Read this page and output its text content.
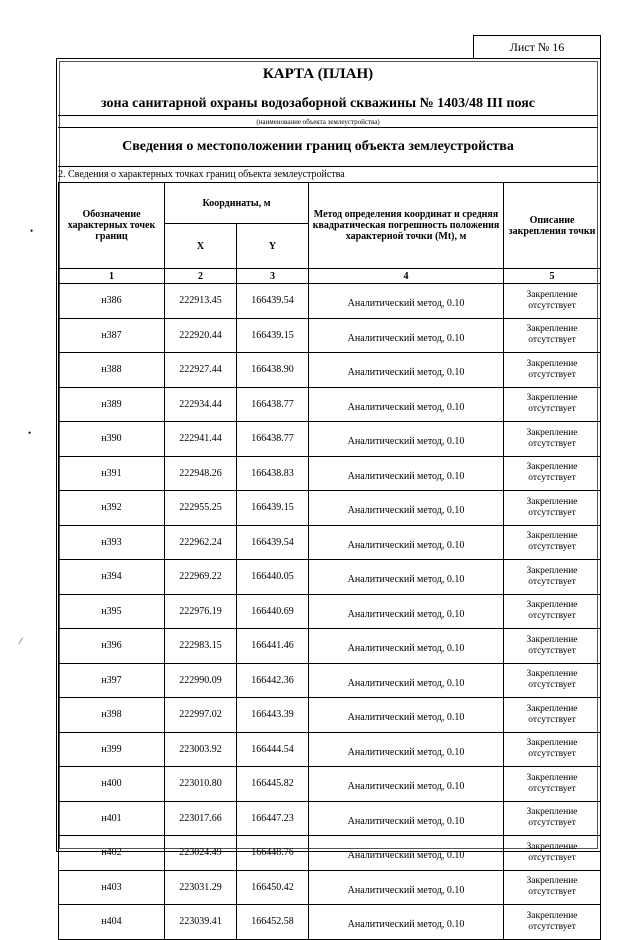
Лист № 16
КАРТА (ПЛАН)
зона санитарной охраны водозаборной скважины № 1403/48 III пояс
(наименование объекта землеустройства)
Сведения о местоположении границ объекта землеустройства
2. Сведения о характерных точках границ объекта землеустройства
Обозначение характерных точек границ	Координаты, м		Метод определения координат и средняя квадратическая погрешность положения характерной точки (Mt), м	Описание закрепления точки
	X	Y		
1	2	3	4	5
н386	222913.45	166439.54	Аналитический метод, 0.10	Закрепление отсутствует
н387	222920.44	166439.15	Аналитический метод, 0.10	Закрепление отсутствует
н388	222927.44	166438.90	Аналитический метод, 0.10	Закрепление отсутствует
н389	222934.44	166438.77	Аналитический метод, 0.10	Закрепление отсутствует
н390	222941.44	166438.77	Аналитический метод, 0.10	Закрепление отсутствует
н391	222948.26	166438.83	Аналитический метод, 0.10	Закрепление отсутствует
н392	222955.25	166439.15	Аналитический метод, 0.10	Закрепление отсутствует
н393	222962.24	166439.54	Аналитический метод, 0.10	Закрепление отсутствует
н394	222969.22	166440.05	Аналитический метод, 0.10	Закрепление отсутствует
н395	222976.19	166440.69	Аналитический метод, 0.10	Закрепление отсутствует
н396	222983.15	166441.46	Аналитический метод, 0.10	Закрепление отсутствует
н397	222990.09	166442.36	Аналитический метод, 0.10	Закрепление отсутствует
н398	222997.02	166443.39	Аналитический метод, 0.10	Закрепление отсутствует
н399	223003.92	166444.54	Аналитический метод, 0.10	Закрепление отсутствует
н400	223010.80	166445.82	Аналитический метод, 0.10	Закрепление отсутствует
н401	223017.66	166447.23	Аналитический метод, 0.10	Закрепление отсутствует
н402	223024.49	166448.76	Аналитический метод, 0.10	Закрепление отсутствует
н403	223031.29	166450.42	Аналитический метод, 0.10	Закрепление отсутствует
н404	223039.41	166452.58	Аналитический метод, 0.10	Закрепление отсутствует
•
•
⁄
